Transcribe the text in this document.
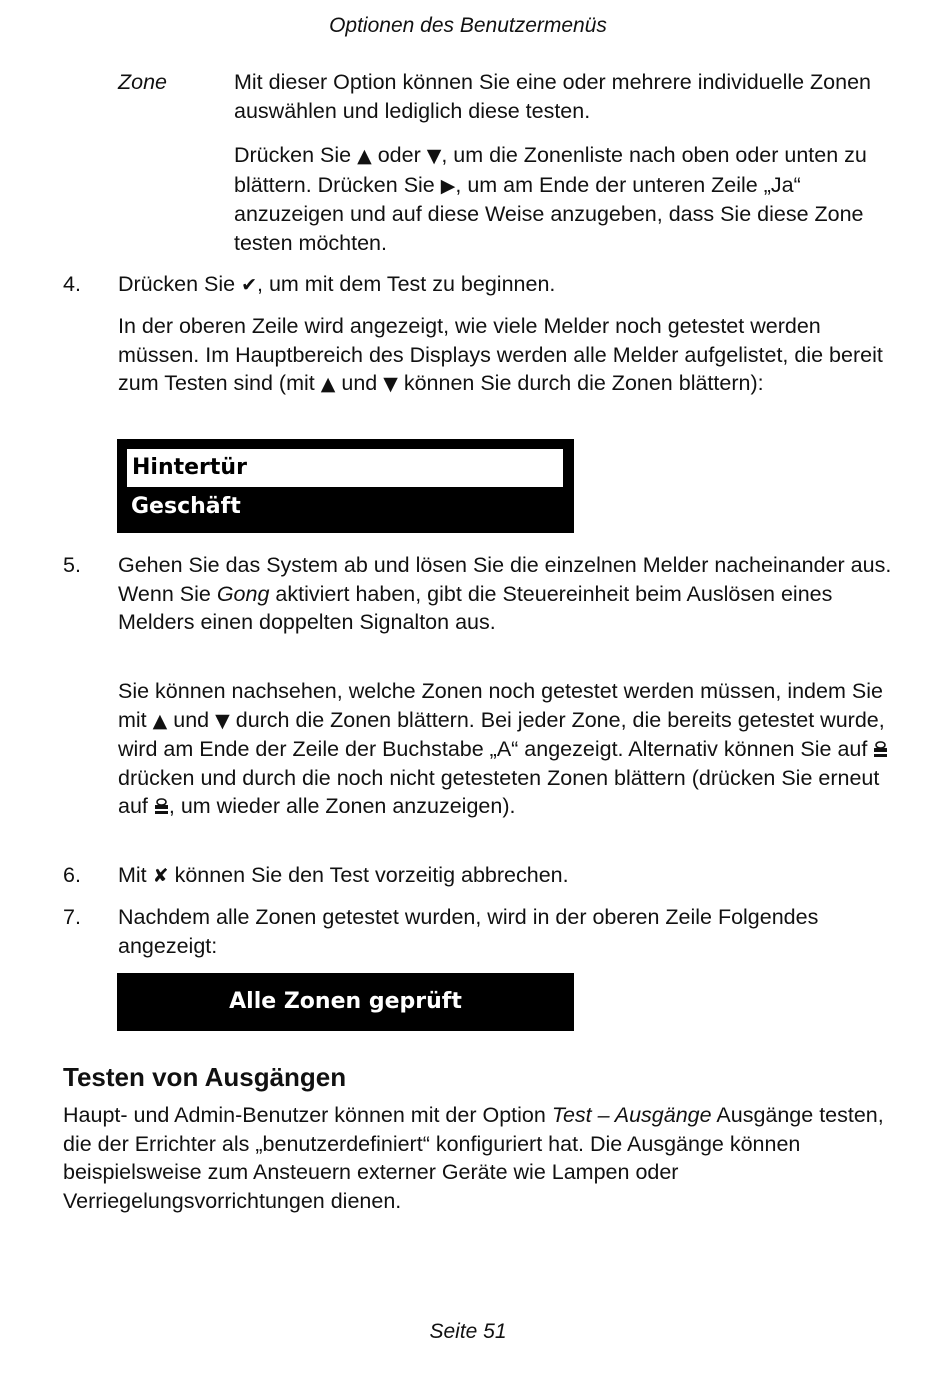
Optionen des Benutzermenüs
Zone	Mit dieser Option können Sie eine oder mehrere individuelle Zonen auswählen und lediglich diese testen.

Drücken Sie ▲ oder ▼, um die Zonenliste nach oben oder unten zu blättern. Drücken Sie ▶, um am Ende der unteren Zeile „Ja“ anzuzeigen und auf diese Weise anzugeben, dass Sie diese Zone testen möchten.

4. Drücken Sie ✔, um mit dem Test zu beginnen.

In der oberen Zeile wird angezeigt, wie viele Melder noch getestet werden müssen. Im Hauptbereich des Displays werden alle Melder aufgelistet, die bereit zum Testen sind (mit ▲ und ▼ können Sie durch die Zonen blättern):

Hintertür
Geschäft
5. Gehen Sie das System ab und lösen Sie die einzelnen Melder nacheinander aus. Wenn Sie Gong aktiviert haben, gibt die Steuereinheit beim Auslösen eines Melders einen doppelten Signalton aus.

Sie können nachsehen, welche Zonen noch getestet werden müssen, indem Sie mit ▲ und ▼ durch die Zonen blättern. Bei jeder Zone, die bereits getestet wurde, wird am Ende der Zeile der Buchstabe „A“ angezeigt. Alternativ können Sie auf  drücken und durch die noch nicht getesteten Zonen blättern (drücken Sie erneut auf , um wieder alle Zonen anzuzeigen).

6. Mit ✘ können Sie den Test vorzeitig abbrechen.

7. Nachdem alle Zonen getestet wurden, wird in der oberen Zeile Folgendes angezeigt:

Alle Zonen geprüft
Testen von Ausgängen

Haupt- und Admin-Benutzer können mit der Option Test – Ausgänge Ausgänge testen, die der Errichter als „benutzerdefiniert“ konfiguriert hat. Die Ausgänge können beispielsweise zum Ansteuern externer Geräte wie Lampen oder Verriegelungsvorrichtungen dienen.

Seite 51
